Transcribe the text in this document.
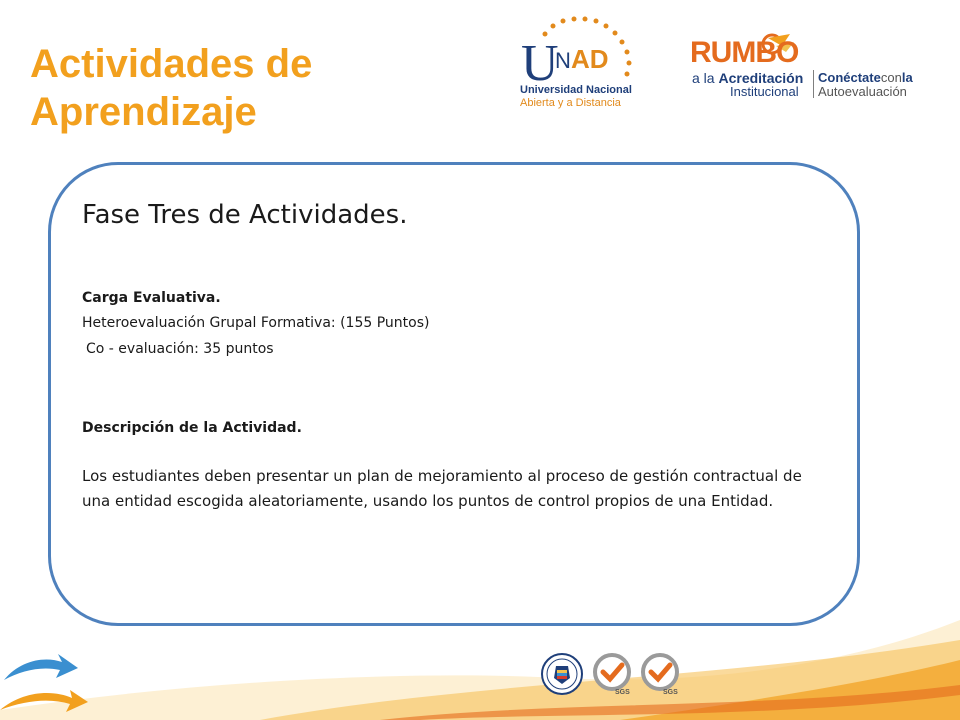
Actividades de
Aprendizaje
U
N AD
Universidad Nacional
Abierta y a Distancia
RUMBO
a la Acreditación
Institucional
Conéctateconla
Autoevaluación
Fase Tres de Actividades.
Carga Evaluativa.
Heteroevaluación Grupal Formativa: (155 Puntos)
Co - evaluación: 35 puntos
Descripción de la Actividad.
Los estudiantes deben presentar un plan de mejoramiento al proceso de gestión contractual de una entidad escogida aleatoriamente, usando los puntos de control propios de una Entidad.
SGS	SGS
